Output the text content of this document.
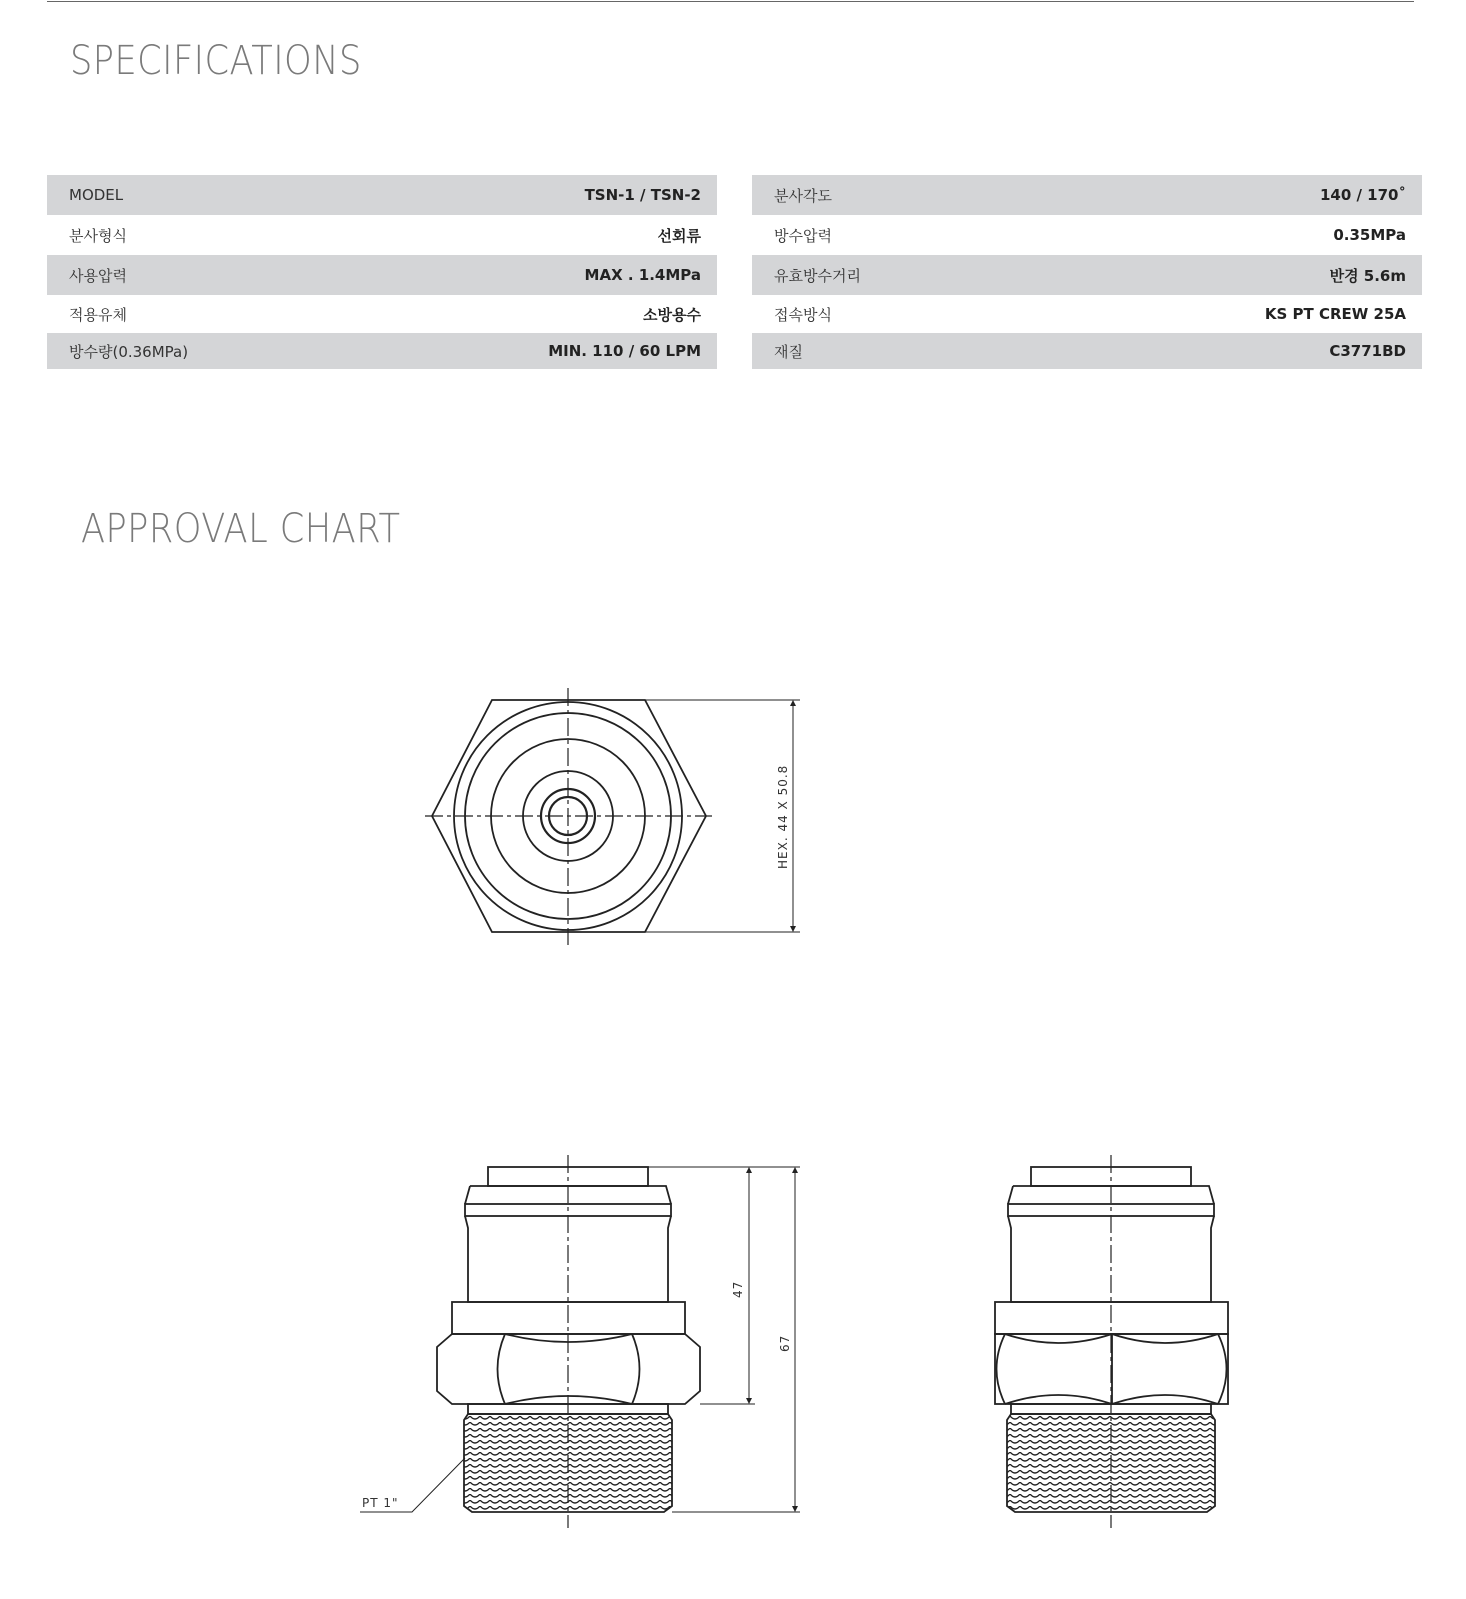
SPECIFICATIONS
MODEL	TSN-1 / TSN-2
분사형식	선회류
사용압력	MAX . 1.4MPa
적용유체	소방용수
방수량(0.36MPa)	MIN. 110 / 60 LPM
분사각도	140 / 170˚
방수압력	0.35MPa
유효방수거리	반경 5.6m
접속방식	KS PT CREW 25A
재질	C3771BD
APPROVAL CHART
HEX. 44 X 50.8
47
67
PT 1"
